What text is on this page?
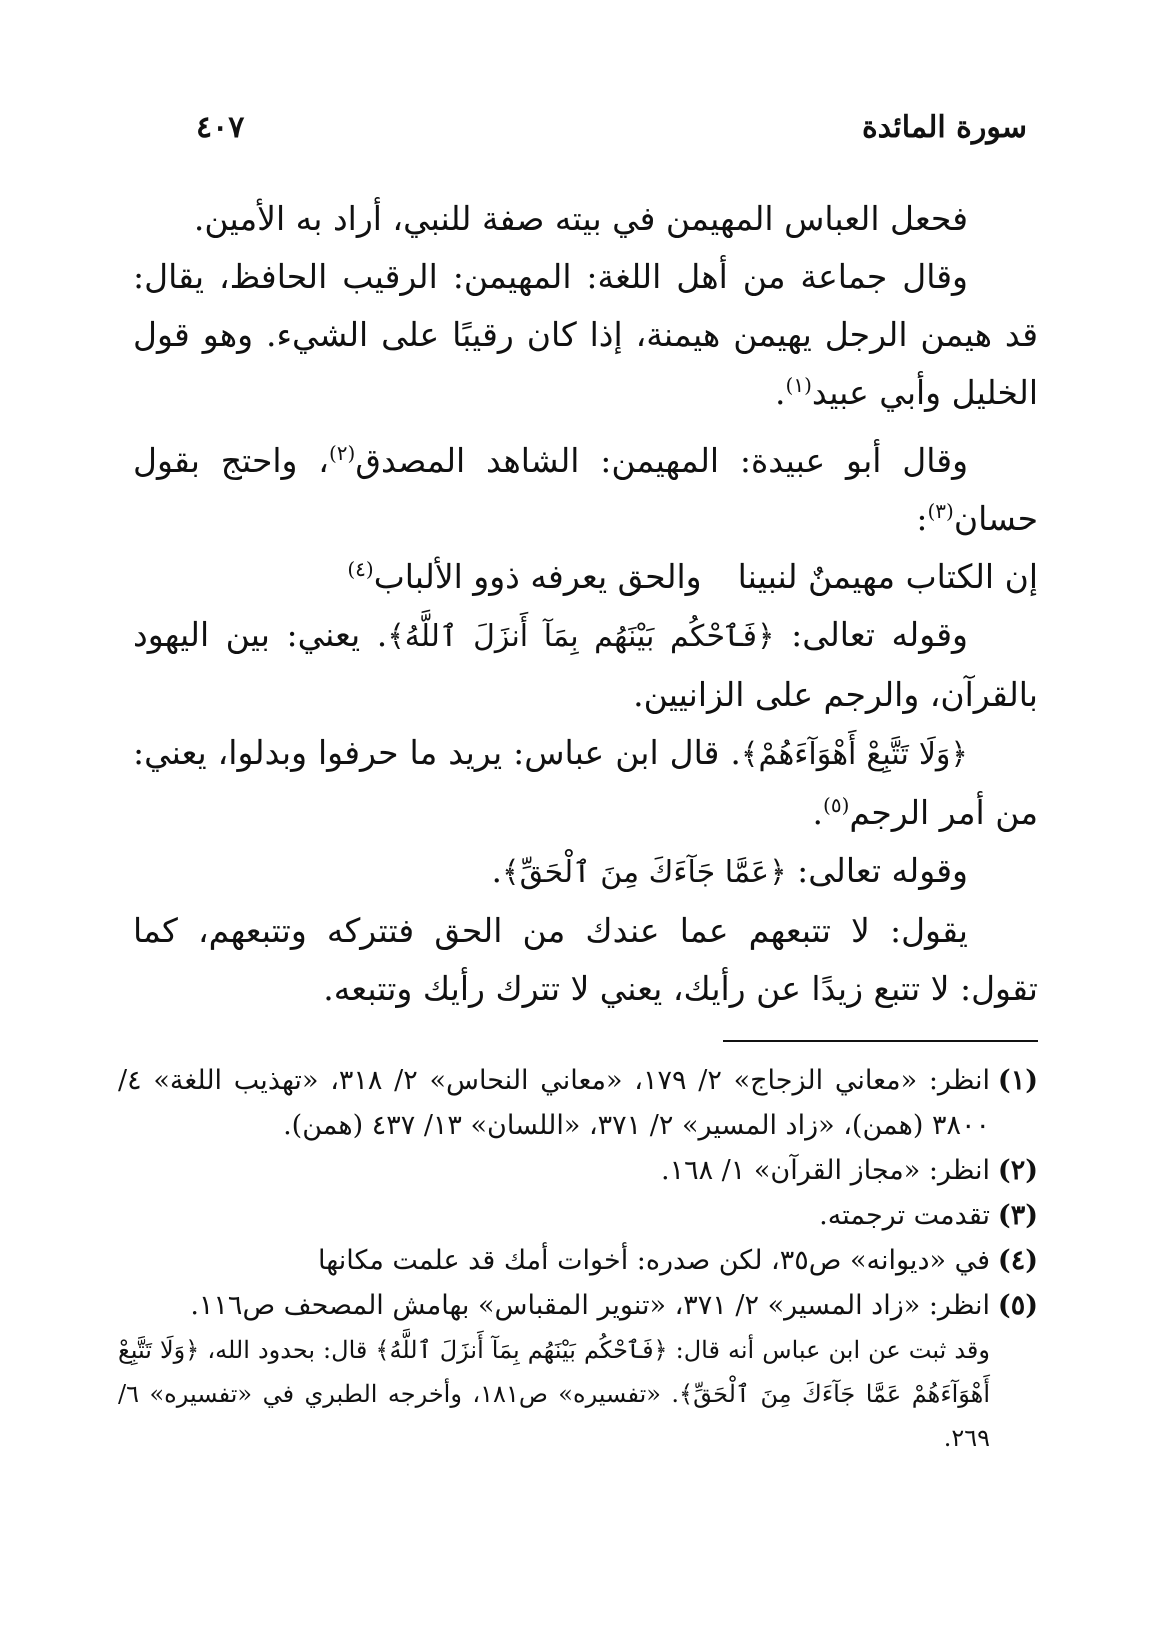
سورة المائدة
٤٠٧

فحعل العباس المهيمن في بيته صفة للنبي، أراد به الأمين.

وقال جماعة من أهل اللغة: المهيمن: الرقيب الحافظ، يقال: قد هيمن الرجل يهيمن هيمنة، إذا كان رقيبًا على الشيء. وهو قول الخليل وأبي عبيد$^{(١)}$.

وقال أبو عبيدة: المهيمن: الشاهد المصدق$^{(٢)}$، واحتج بقول حسان$^{(٣)}$:

إن الكتاب مهيمنٌ لنبينا
والحق يعرفه ذوو الألباب$^{(٤)}$

وقوله تعالى: ﴿فَٱحْكُم بَيْنَهُم بِمَآ أَنزَلَ ٱللَّهُ﴾. يعني: بين اليهود بالقرآن، والرجم على الزانيين.

﴿وَلَا تَتَّبِعْ أَهْوَآءَهُمْ﴾. قال ابن عباس: يريد ما حرفوا وبدلوا، يعني: من أمر الرجم$^{(٥)}$.

وقوله تعالى: ﴿عَمَّا جَآءَكَ مِنَ ٱلْحَقِّ﴾.

يقول: لا تتبعهم عما عندك من الحق فتتركه وتتبعهم، كما تقول: لا تتبع زيدًا عن رأيك، يعني لا تترك رأيك وتتبعه.

(١)
انظر: «معاني الزجاج» ٢/ ١٧٩، «معاني النحاس» ٢/ ٣١٨، «تهذيب اللغة» ٤/ ٣٨٠٠ (همن)، «زاد المسير» ٢/ ٣٧١، «اللسان» ١٣/ ٤٣٧ (همن).
(٢)
انظر: «مجاز القرآن» ١/ ١٦٨.
(٣)
تقدمت ترجمته.
(٤)
في «ديوانه» ص٣٥، لكن صدره: أخوات أمك قد علمت مكانها
(٥)
انظر: «زاد المسير» ٢/ ٣٧١، «تنوير المقباس» بهامش المصحف ص١١٦.
وقد ثبت عن ابن عباس أنه قال: ﴿فَٱحْكُم بَيْنَهُم بِمَآ أَنزَلَ ٱللَّهُ﴾ قال: بحدود الله، ﴿وَلَا تَتَّبِعْ أَهْوَآءَهُمْ عَمَّا جَآءَكَ مِنَ ٱلْحَقِّ﴾. «تفسيره» ص١٨١، وأخرجه الطبري في «تفسيره» ٦/ ٢٦٩.
